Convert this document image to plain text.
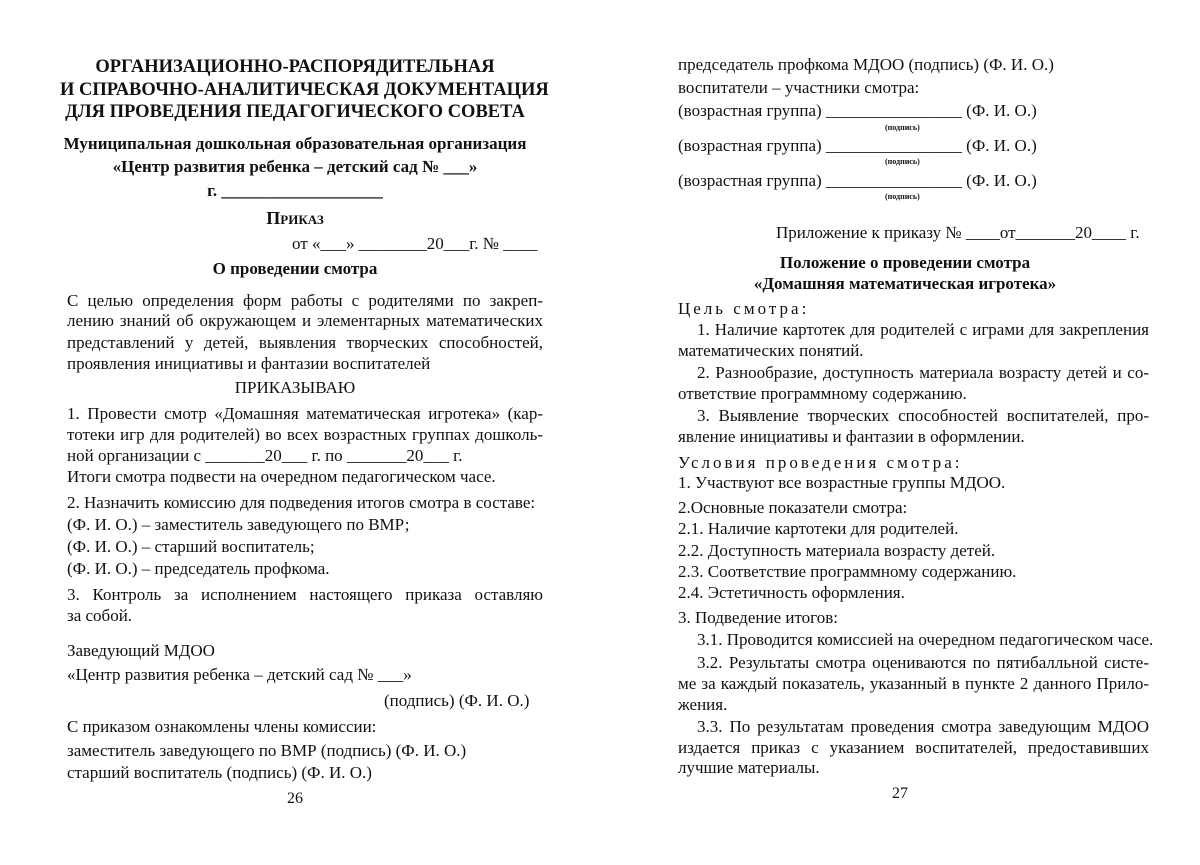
ОРГАНИЗАЦИОННО-РАСПОРЯДИТЕЛЬНАЯ
И СПРАВОЧНО-АНАЛИТИЧЕСКАЯ ДОКУМЕНТАЦИЯ
ДЛЯ ПРОВЕДЕНИЯ ПЕДАГОГИЧЕСКОГО СОВЕТА
Муниципальная дошкольная образовательная организация
«Центр развития ребенка – детский сад № ___»
г. ___________________
Приказ
от «___» ________20___г. № ____
О проведении смотра
С целью определения форм работы с родителями по закреп-
лению знаний об окружающем и элементарных математических
представлений у детей, выявления творческих способностей,
проявления инициативы и фантазии воспитателей
ПРИКАЗЫВАЮ
1. Провести смотр «Домашняя математическая игротека» (кар-
тотеки игр для родителей) во всех возрастных группах дошколь-
ной организации с _______20___ г. по _______20___ г.
Итоги смотра подвести на очередном педагогическом часе.
2. Назначить комиссию для подведения итогов смотра в составе:
(Ф. И. О.) – заместитель заведующего по ВМР;
(Ф. И. О.) – старший воспитатель;
(Ф. И. О.) – председатель профкома.
3. Контроль за исполнением настоящего приказа оставляю
за собой.
Заведующий МДОО
«Центр развития ребенка – детский сад № ___»
(подпись) (Ф. И. О.)
С приказом ознакомлены члены комиссии:
заместитель заведующего по ВМР (подпись) (Ф. И. О.)
старший воспитатель (подпись) (Ф. И. О.)
26
председатель профкома МДОО (подпись) (Ф. И. О.)
воспитатели – участники смотра:
(возрастная группа) ________________ (Ф. И. О.)
(подпись)
(возрастная группа) ________________ (Ф. И. О.)
(подпись)
(возрастная группа) ________________ (Ф. И. О.)
(подпись)
Приложение к приказу № ____от_______20____ г.
Положение о проведении смотра
«Домашняя математическая игротека»
Цель смотра:
1. Наличие картотек для родителей с играми для закрепления
математических понятий.
2. Разнообразие, доступность материала возрасту детей и со-
ответствие программному содержанию.
3. Выявление творческих способностей воспитателей, про-
явление инициативы и фантазии в оформлении.
Условия проведения смотра:
1. Участвуют все возрастные группы МДОО.
2.Основные показатели смотра:
2.1. Наличие картотеки для родителей.
2.2. Доступность материала возрасту детей.
2.3. Соответствие программному содержанию.
2.4. Эстетичность оформления.
3. Подведение итогов:
3.1. Проводится комиссией на очередном педагогическом часе.
3.2. Результаты смотра оцениваются по пятибалльной систе-
ме за каждый показатель, указанный в пункте 2 данного Прило-
жения.
3.3. По результатам проведения смотра заведующим МДОО
издается приказ с указанием воспитателей, предоставивших
лучшие материалы.
27
